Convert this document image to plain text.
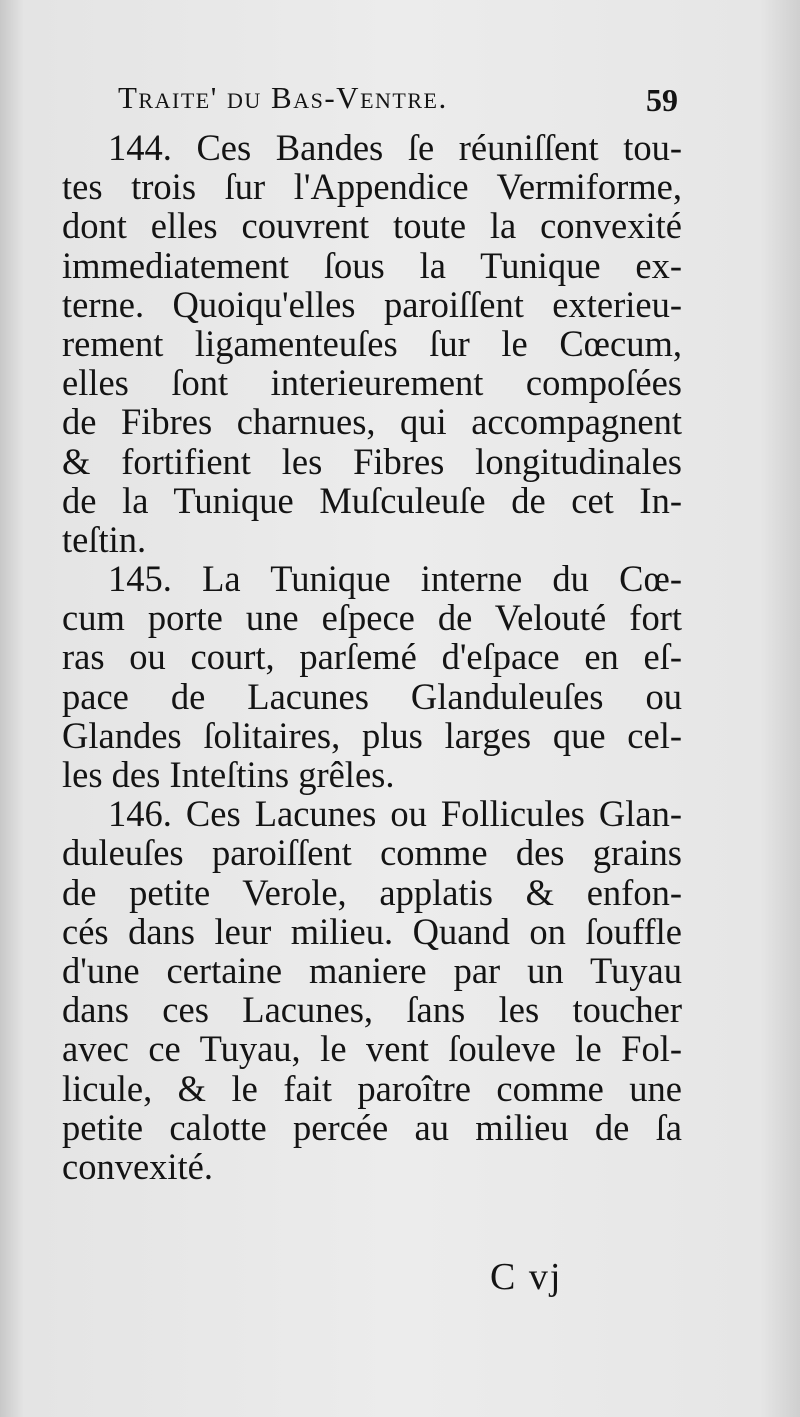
Traite' du Bas-Ventre.	59
144. Ces Bandes ſe réuniſſent tou-
tes trois ſur l'Appendice Vermiforme,
dont elles couvrent toute la convexité
immediatement ſous la Tunique ex-
terne. Quoiqu'elles paroiſſent exterieu-
rement ligamenteuſes ſur le Cœcum,
elles ſont interieurement compoſées
de Fibres charnues, qui accompagnent
& fortifient les Fibres longitudinales
de la Tunique Muſculeuſe de cet In-
teſtin.
145. La Tunique interne du Cœ-
cum porte une eſpece de Velouté fort
ras ou court, parſemé d'eſpace en eſ-
pace de Lacunes Glanduleuſes ou
Glandes ſolitaires, plus larges que cel-
les des Inteſtins grêles.
146. Ces Lacunes ou Follicules Glan-
duleuſes paroiſſent comme des grains
de petite Verole, applatis & enfon-
cés dans leur milieu. Quand on ſouffle
d'une certaine maniere par un Tuyau
dans ces Lacunes, ſans les toucher
avec ce Tuyau, le vent ſouleve le Fol-
licule, & le fait paroître comme une
petite calotte percée au milieu de ſa
convexité.
C vj
